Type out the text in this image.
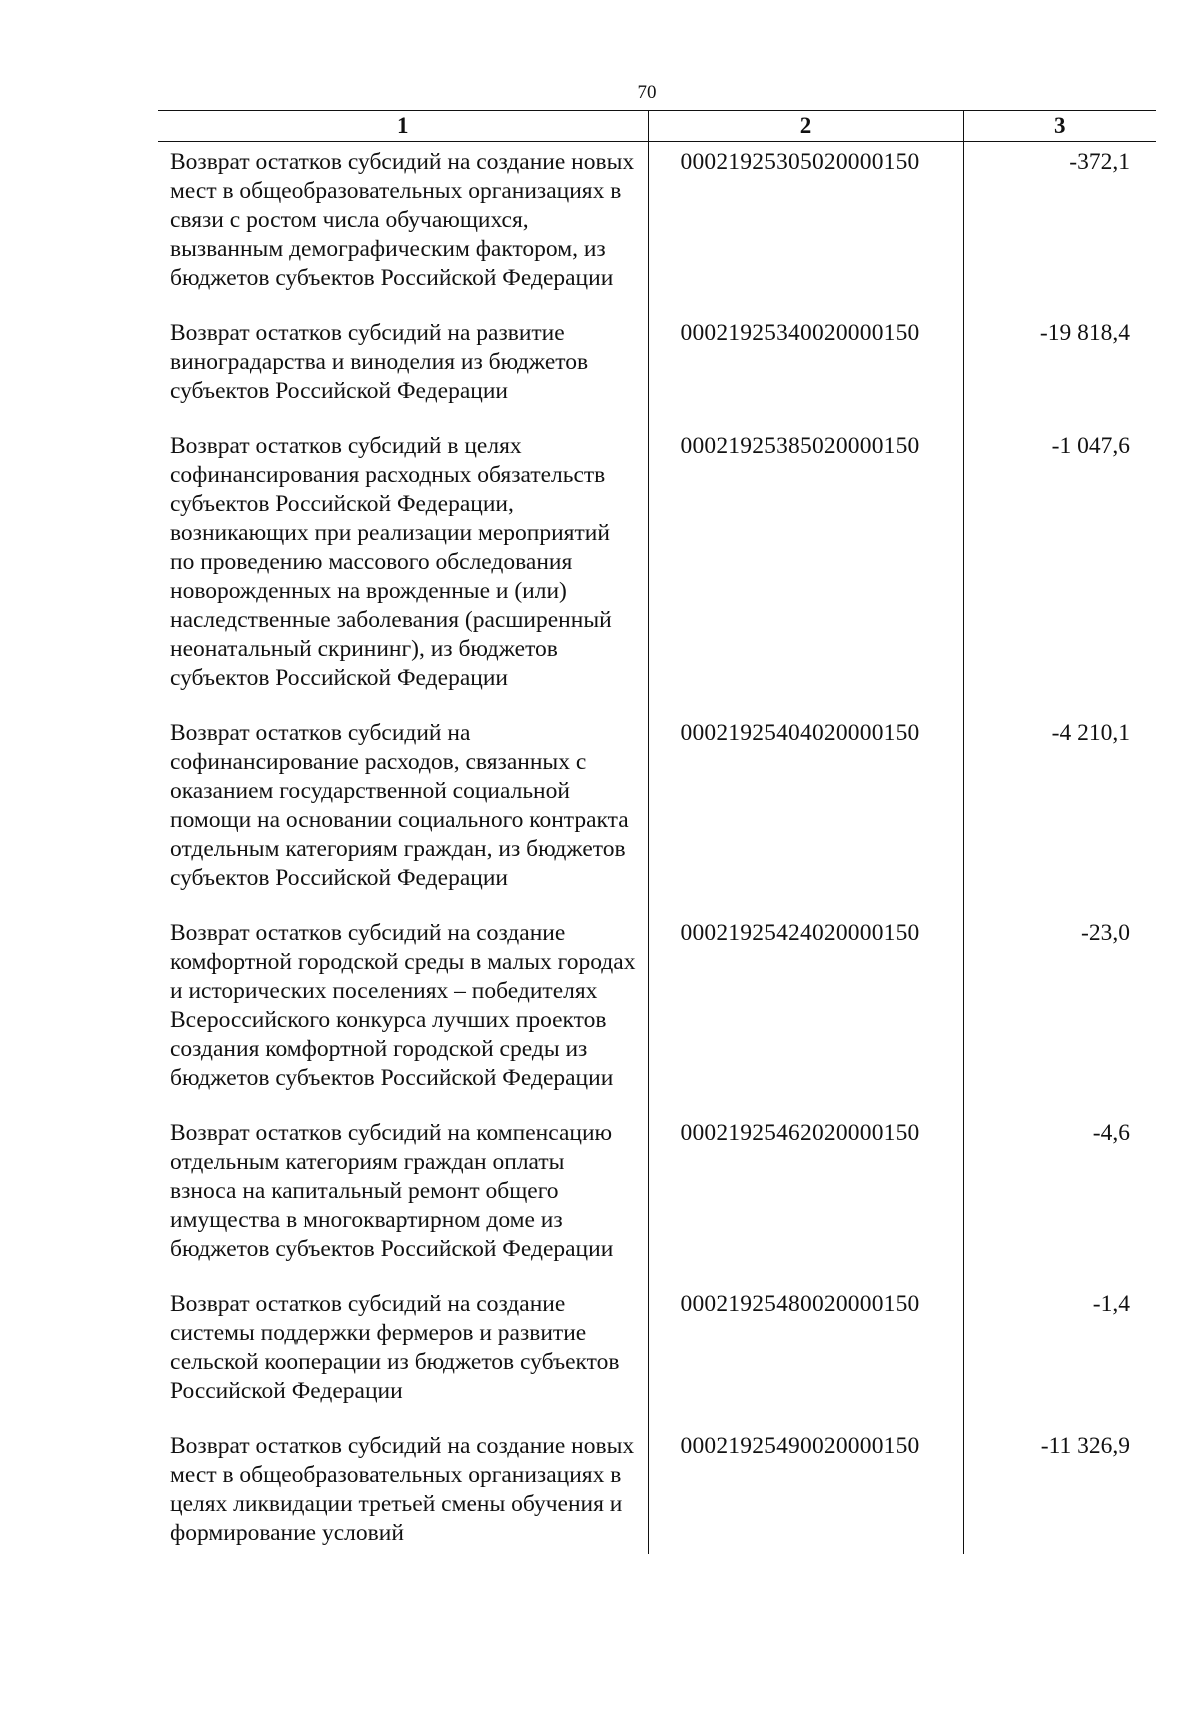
70
1	2	3
Возврат остатков субсидий на создание новых мест в общеобразовательных организациях в связи с ростом числа обучающихся, вызванным демографическим фактором, из бюджетов субъектов Российской Федерации	00021925305020000150	-372,1
Возврат остатков субсидий на развитие виноградарства и виноделия из бюджетов субъектов Российской Федерации	00021925340020000150	-19 818,4
Возврат остатков субсидий в целях софинансирования расходных обязательств субъектов Российской Федерации, возникающих при реализации мероприятий по проведению массового обследования новорожденных на врожденные и (или) наследственные заболевания (расширенный неонатальный скрининг), из бюджетов субъектов Российской Федерации	00021925385020000150	-1 047,6
Возврат остатков субсидий на софинансирование расходов, связанных с оказанием государственной социальной помощи на основании социального контракта отдельным категориям граждан, из бюджетов субъектов Российской Федерации	00021925404020000150	-4 210,1
Возврат остатков субсидий на создание комфортной городской среды в малых городах и исторических поселениях – победителях Всероссийского конкурса лучших проектов создания комфортной городской среды из бюджетов субъектов Российской Федерации	00021925424020000150	-23,0
Возврат остатков субсидий на компенсацию отдельным категориям граждан оплаты взноса на капитальный ремонт общего имущества в многоквартирном доме из бюджетов субъектов Российской Федерации	00021925462020000150	-4,6
Возврат остатков субсидий на создание системы поддержки фермеров и развитие сельской кооперации из бюджетов субъектов Российской Федерации	00021925480020000150	-1,4
Возврат остатков субсидий на создание новых мест в общеобразовательных организациях в целях ликвидации третьей смены обучения и формирование условий	00021925490020000150	-11 326,9
